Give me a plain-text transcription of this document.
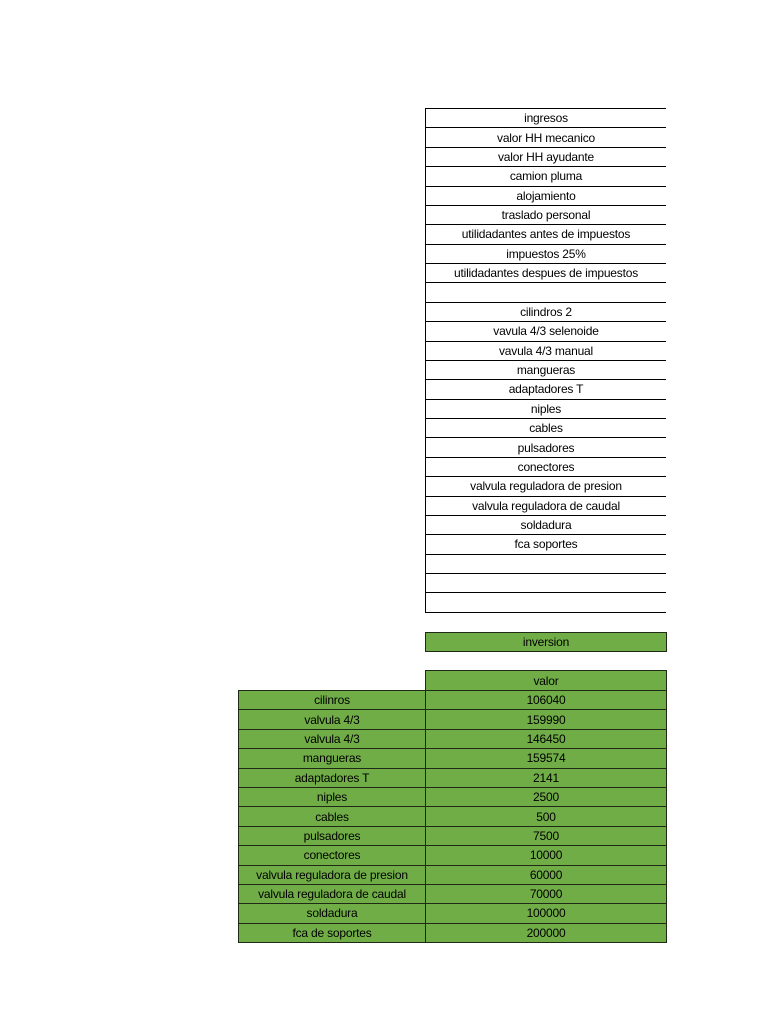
ingresos
valor HH mecanico
valor HH ayudante
camion pluma
alojamiento
traslado personal
utilidadantes antes de impuestos
impuestos 25%
utilidadantes despues de impuestos
cilindros 2
vavula 4/3 selenoide
vavula 4/3 manual
mangueras
adaptadores T
niples
cables
pulsadores
conectores
valvula reguladora de presion
valvula reguladora de caudal
soldadura
fca soportes
inversion
valor
cilinros	106040
valvula 4/3	159990
valvula 4/3	146450
mangueras	159574
adaptadores T	2141
niples	2500
cables	500
pulsadores	7500
conectores	10000
valvula reguladora de presion	60000
valvula reguladora de caudal	70000
soldadura	100000
fca de soportes	200000
